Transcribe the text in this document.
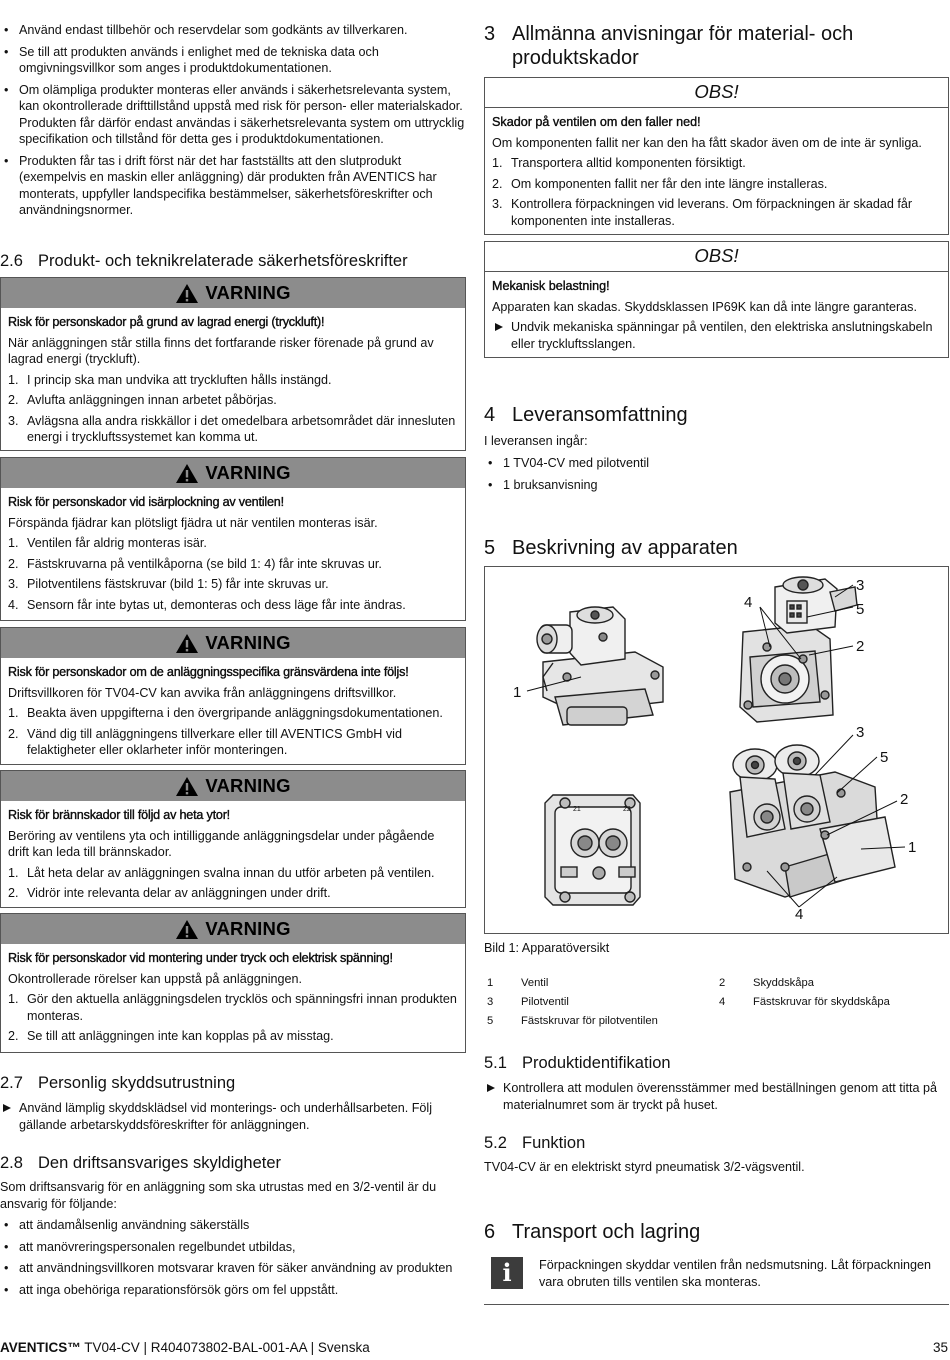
• Använd endast tillbehör och reservdelar som godkänts av tillverkaren.
• Se till att produkten används i enlighet med de tekniska data och omgivningsvillkor som anges i produktdokumentationen.
• Om olämpliga produkter monteras eller används i säkerhetsrelevanta system, kan okontrollerade drifttillstånd uppstå med risk för person- eller materialskador. Produkten får därför endast användas i säkerhetsrelevanta system om uttrycklig specifikation och tillstånd för detta ges i produktdokumentationen.
• Produkten får tas i drift först när det har fastställts att den slutprodukt (exempelvis en maskin eller anläggning) där produkten från AVENTICS har monterats, uppfyller landspecifika bestämmelser, säkerhetsföreskrifter och användningsnormer.
2.6 Produkt- och teknikrelaterade säkerhetsföreskrifter
VARNING
Risk för personskador på grund av lagrad energi (tryckluft)!

När anläggningen står stilla finns det fortfarande risker förenade på grund av lagrad energi (tryckluft).

1. I princip ska man undvika att tryckluften hålls instängd.
2. Avlufta anläggningen innan arbetet påbörjas.
3. Avlägsna alla andra riskkällor i det omedelbara arbetsområdet där innesluten energi i tryckluftssystemet kan komma ut.
VARNING
Risk för personskador vid isärplockning av ventilen!

Förspända fjädrar kan plötsligt fjädra ut när ventilen monteras isär.

1. Ventilen får aldrig monteras isär.
2. Fästskruvarna på ventilkåporna (se bild 1: 4) får inte skruvas ur.
3. Pilotventilens fästskruvar (bild 1: 5) får inte skruvas ur.
4. Sensorn får inte bytas ut, demonteras och dess läge får inte ändras.
VARNING
Risk för personskador om de anläggningsspecifika gränsvärdena inte följs!

Driftsvillkoren för TV04-CV kan avvika från anläggningens driftsvillkor.

1. Beakta även uppgifterna i den övergripande anläggningsdokumentationen.
2. Vänd dig till anläggningens tillverkare eller till AVENTICS GmbH vid felaktigheter eller oklarheter inför monteringen.
VARNING
Risk för brännskador till följd av heta ytor!

Beröring av ventilens yta och intilliggande anläggningsdelar under pågående drift kan leda till brännskador.

1. Låt heta delar av anläggningen svalna innan du utför arbeten på ventilen.
2. Vidrör inte relevanta delar av anläggningen under drift.
VARNING
Risk för personskador vid montering under tryck och elektrisk spänning!

Okontrollerade rörelser kan uppstå på anläggningen.

1. Gör den aktuella anläggningsdelen trycklös och spänningsfri innan produkten monteras.
2. Se till att anläggningen inte kan kopplas på av misstag.
2.7 Personlig skyddsutrustning
Använd lämplig skyddsklädsel vid monterings- och underhållsarbeten. Följ gällande arbetarskyddsföreskrifter för anläggningen.
2.8 Den driftsansvariges skyldigheter

Som driftsansvarig för en anläggning som ska utrustas med en 3/2-ventil är du ansvarig för följande:

• att ändamålsenlig användning säkerställs
• att manövreringspersonalen regelbundet utbildas,
• att användningsvillkoren motsvarar kraven för säker användning av produkten
• att inga obehöriga reparationsförsök görs om fel uppstått.
3 Allmänna anvisningar för material- och produktskador
OBS!
Skador på ventilen om den faller ned!

Om komponenten fallit ner kan den ha fått skador även om de inte är synliga.

1. Transportera alltid komponenten försiktigt.
2. Om komponenten fallit ner får den inte längre installeras.
3. Kontrollera förpackningen vid leverans. Om förpackningen är skadad får komponenten inte installeras.
OBS!
Mekanisk belastning!

Apparaten kan skadas. Skyddsklassen IP69K kan då inte längre garanteras.

Undvik mekaniska spänningar på ventilen, den elektriska anslutningskabeln eller tryckluftsslangen.
4 Leveransomfattning

I leveransen ingår:

• 1 TV04-CV med pilotventil
• 1 bruksanvisning
5 Beskrivning av apparaten
1
4
3
5
2
3
5
2
1
4
21	22
Bild 1: Apparatöversikt
1 Ventil	2 Skyddskåpa
3 Pilotventil	4 Fästskruvar för skyddskåpa
5 Fästskruvar för pilotventilen
5.1 Produktidentifikation
Kontrollera att modulen överensstämmer med beställningen genom att titta på materialnumret som är tryckt på huset.
5.2 Funktion

TV04-CV är en elektriskt styrd pneumatisk 3/2-vägsventil.

6 Transport och lagring
i	Förpackningen skyddar ventilen från nedsmutsning. Låt förpackningen vara obruten tills ventilen ska monteras.
AVENTICS™ TV04-CV | R404073802-BAL-001-AA | Svenska	35
